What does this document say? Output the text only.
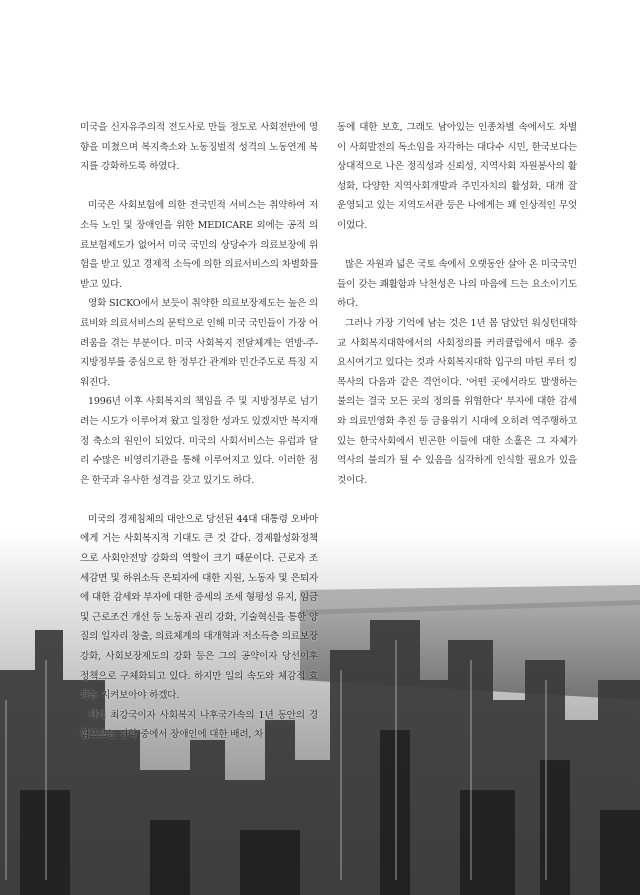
미국을 신자유주의적 전도사로 만들 정도로 사회전반에 영향을 미쳤으며 복지축소와 노동징벌적 성격의 노동연계 복지를 강화하도록 하였다.

미국은 사회보험에 의한 전국민적 서비스는 취약하여 저소득 노인 및 장애인을 위한 MEDICARE 외에는 공적 의료보험제도가 없어서 미국 국민의 상당수가 의료보장에 위험을 받고 있고 경제적 소득에 의한 의료서비스의 차별화를 받고 있다.

영화 SICKO에서 보듯이 취약한 의료보장제도는 높은 의료비와 의료서비스의 문턱으로 인해 미국 국민들이 가장 어려움을 겪는 부분이다. 미국 사회복지 전달체계는 연방-주-지방정부를 중심으로 한 정부간 관계와 민간주도로 특징 지워진다.

1996년 이후 사회복지의 책임을 주 및 지방정부로 넘기려는 시도가 이루어져 왔고 일정한 성과도 있겠지만 복지재정 축소의 원인이 되었다. 미국의 사회서비스는 유럽과 달리 수많은 비영리기관을 통해 이루어지고 있다. 이러한 점은 한국과 유사한 성격을 갖고 있기도 하다.

미국의 경제침체의 대안으로 당선된 44대 대통령 오바마에게 거는 사회복지적 기대도 큰 것 같다. 경제활성화정책으로 사회안전망 강화의 역할이 크기 때문이다. 근로자 조세감면 및 하위소득 은퇴자에 대한 지원, 노동자 및 은퇴자에 대한 감세와 부자에 대한 증세의 조세 형평성 유지, 임금 및 근로조건 개선 등 노동자 권리 강화, 기술혁신을 통한 양질의 일자리 창출, 의료체계의 대개혁과 저소득층 의료보장 강화, 사회보장제도의 강화 등은 그의 공약이자 당선이후 정책으로 구체화되고 있다. 하지만 일의 속도와 체감적 효과는 지켜보아야 하겠다.

세계 최강국이자 사회복지 나후국가속의 1년 동안의 경험으로는 견학 중에서 장애인에 대한 배려, 차

동에 대한 보호, 그래도 남아있는 인종차별 속에서도 차별이 사회발전의 독소임을 자각하는 대다수 시민, 한국보다는 상대적으로 나은 정직성과 신뢰성, 지역사회 자원봉사의 활성화, 다양한 지역사회개발과 주민자치의 활성화, 대개 잘 운영되고 있는 지역도서관 등은 나에게는 꽤 인상적인 무엇이었다.

많은 자원과 넓은 국토 속에서 오랫동안 살아 온 미국국민들이 갖는 쾌활함과 낙천성은 나의 마음에 드는 요소이기도 하다.

그러나 가장 기억에 남는 것은 1년 몸 담았던 워싱턴대학교 사회복지대학에서의 사회정의를 커리큘럼에서 매우 중요시여기고 있다는 것과 사회복지대학 입구의 마틴 루터 킹 목사의 다음과 같은 격언이다. '어떤 곳에서라도 발생하는 불의는 결국 모든 곳의 정의를 위협한다' 부자에 대한 감세와 의료민영화 추진 등 금융위기 시대에 오히려 역주행하고 있는 한국사회에서 빈곤한 이들에 대한 소홀은 그 자체가 역사의 불의가 될 수 있음을 심각하게 인식할 필요가 있을 것이다.
